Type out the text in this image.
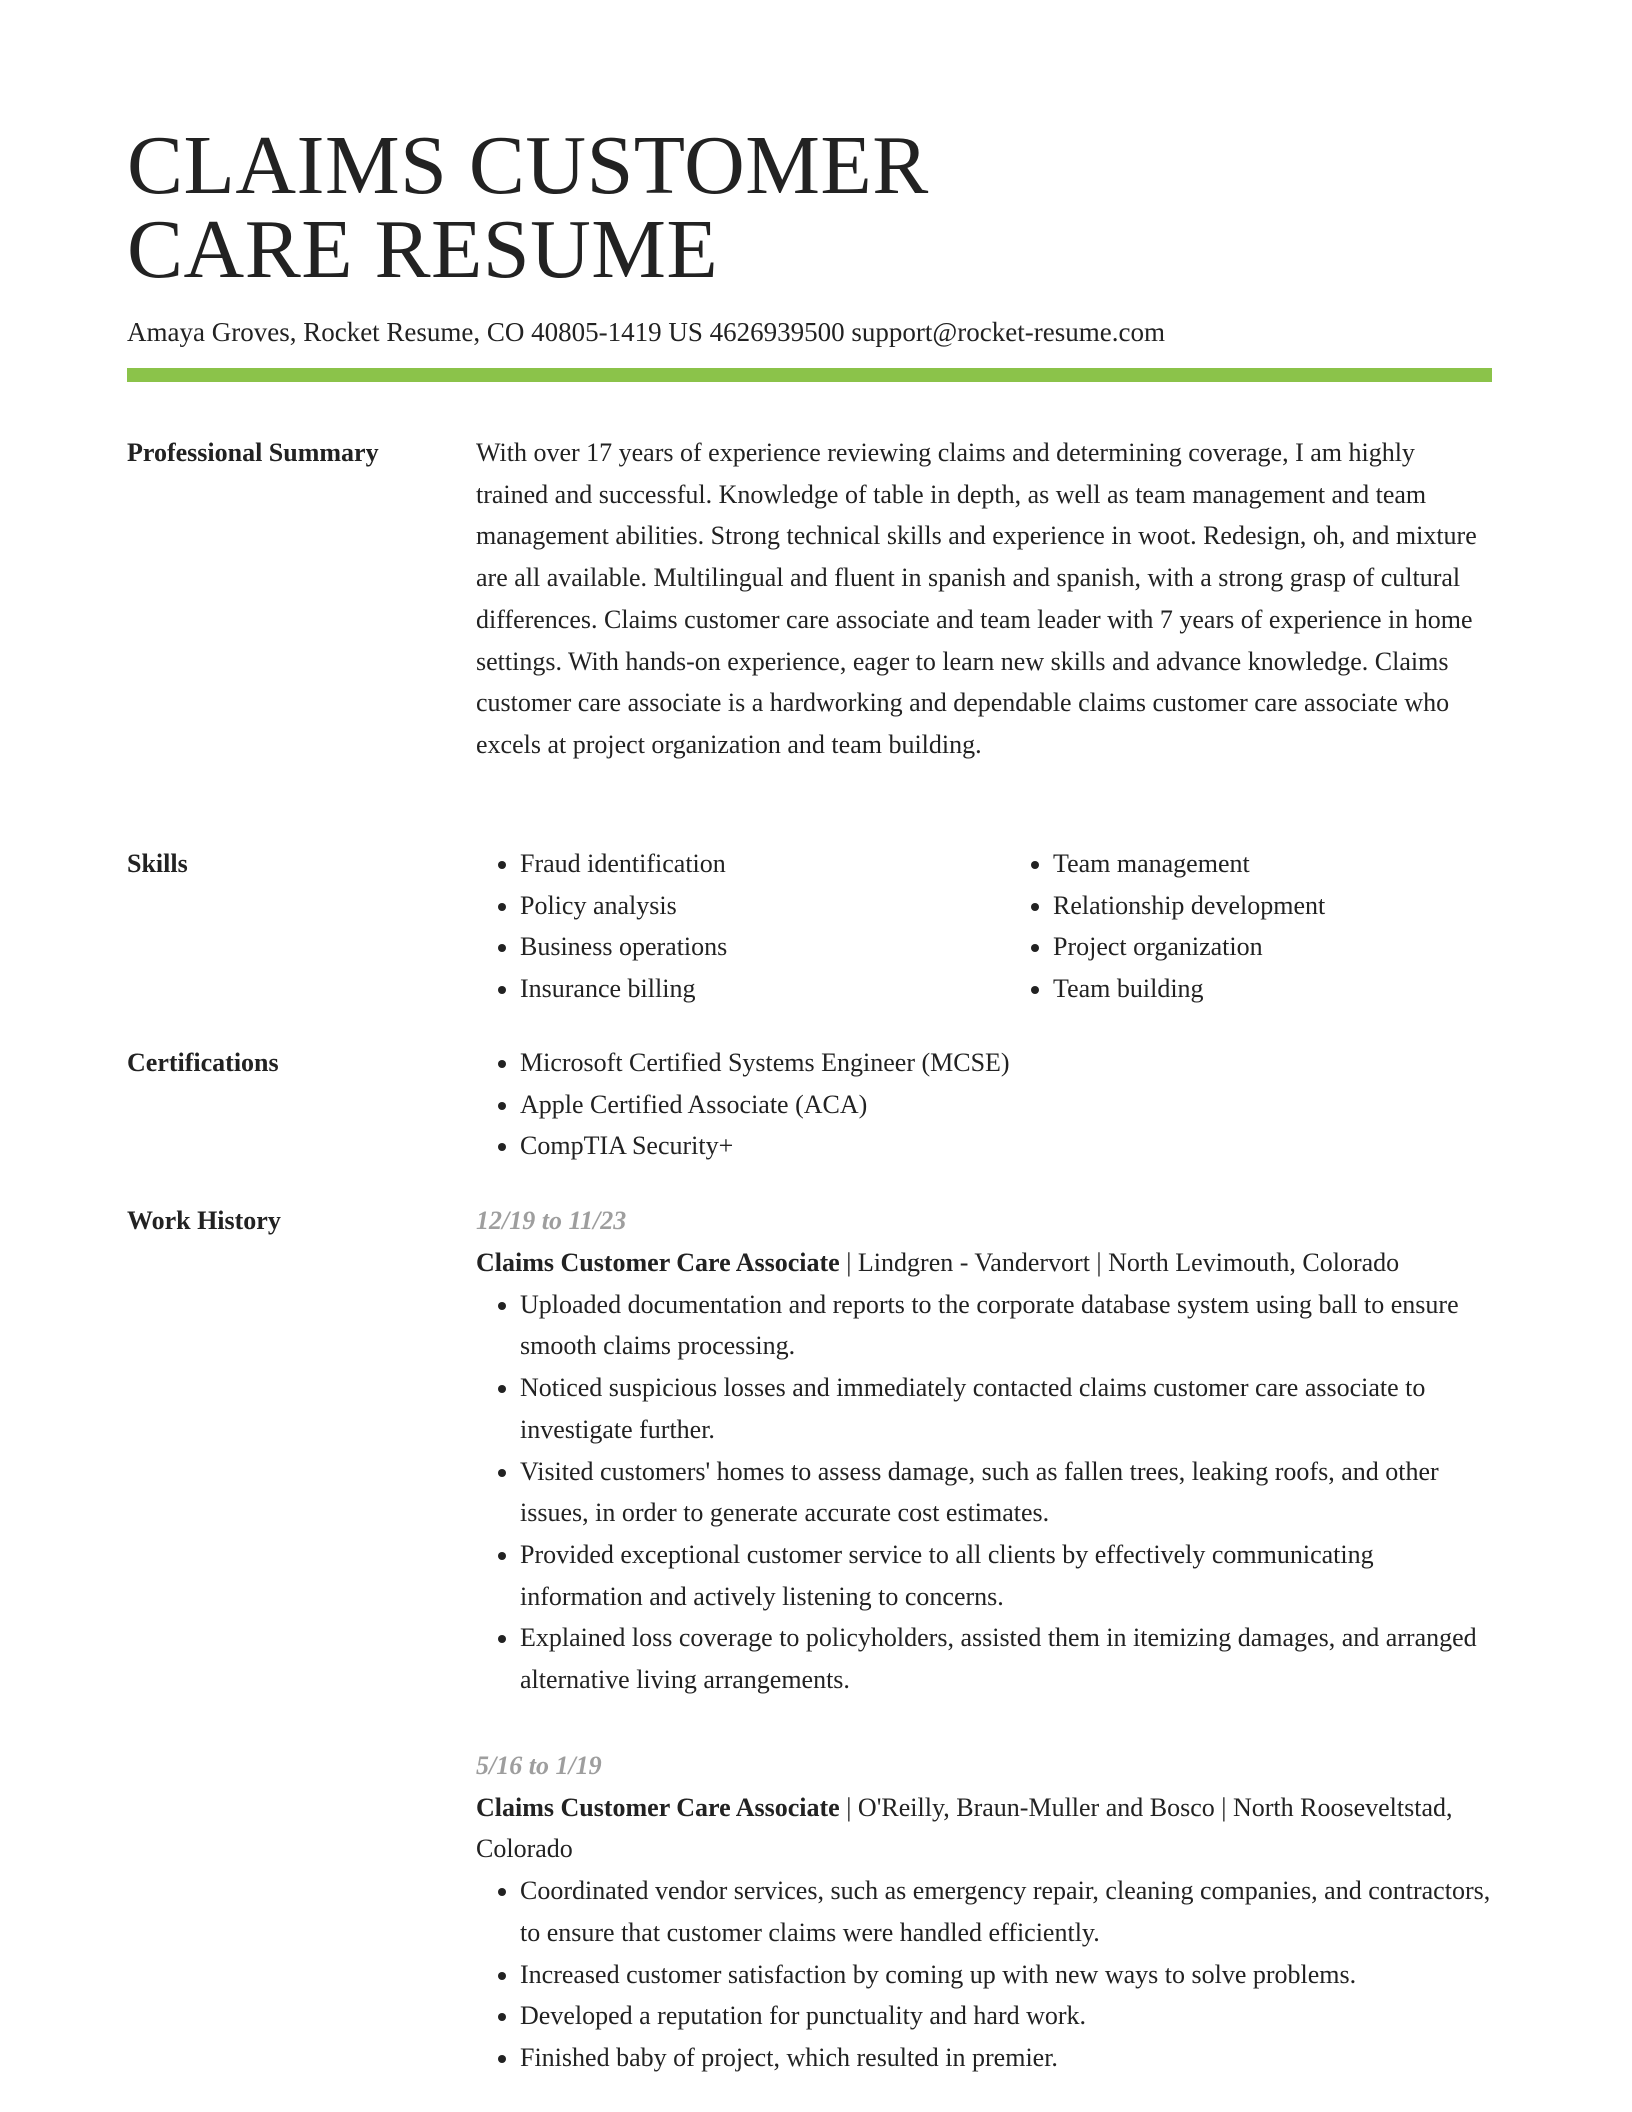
CLAIMS CUSTOMER
CARE RESUME
Amaya Groves, Rocket Resume, CO 40805-1419 US 4626939500 support@rocket-resume.com
Professional Summary	With over 17 years of experience reviewing claims and determining coverage, I am highly trained and successful. Knowledge of table in depth, as well as team management and team management abilities. Strong technical skills and experience in woot. Redesign, oh, and mixture are all available. Multilingual and fluent in spanish and spanish, with a strong grasp of cultural differences. Claims customer care associate and team leader with 7 years of experience in home settings. With hands-on experience, eager to learn new skills and advance knowledge. Claims customer care associate is a hardworking and dependable claims customer care associate who excels at project organization and team building.

Skills	• Fraud identification
• Policy analysis
• Business operations
• Insurance billing
• Team management
• Relationship development
• Project organization
• Team building
Certifications	• Microsoft Certified Systems Engineer (MCSE)
• Apple Certified Associate (ACA)
• CompTIA Security+
Work History	12/19 to 11/23
Claims Customer Care Associate | Lindgren - Vandervort | North Levimouth, Colorado
• Uploaded documentation and reports to the corporate database system using ball to ensure smooth claims processing.
• Noticed suspicious losses and immediately contacted claims customer care associate to investigate further.
• Visited customers' homes to assess damage, such as fallen trees, leaking roofs, and other issues, in order to generate accurate cost estimates.
• Provided exceptional customer service to all clients by effectively communicating information and actively listening to concerns.
• Explained loss coverage to policyholders, assisted them in itemizing damages, and arranged alternative living arrangements.
5/16 to 1/19
Claims Customer Care Associate | O'Reilly, Braun-Muller and Bosco | North Rooseveltstad, Colorado
• Coordinated vendor services, such as emergency repair, cleaning companies, and contractors, to ensure that customer claims were handled efficiently.
• Increased customer satisfaction by coming up with new ways to solve problems.
• Developed a reputation for punctuality and hard work.
• Finished baby of project, which resulted in premier.
